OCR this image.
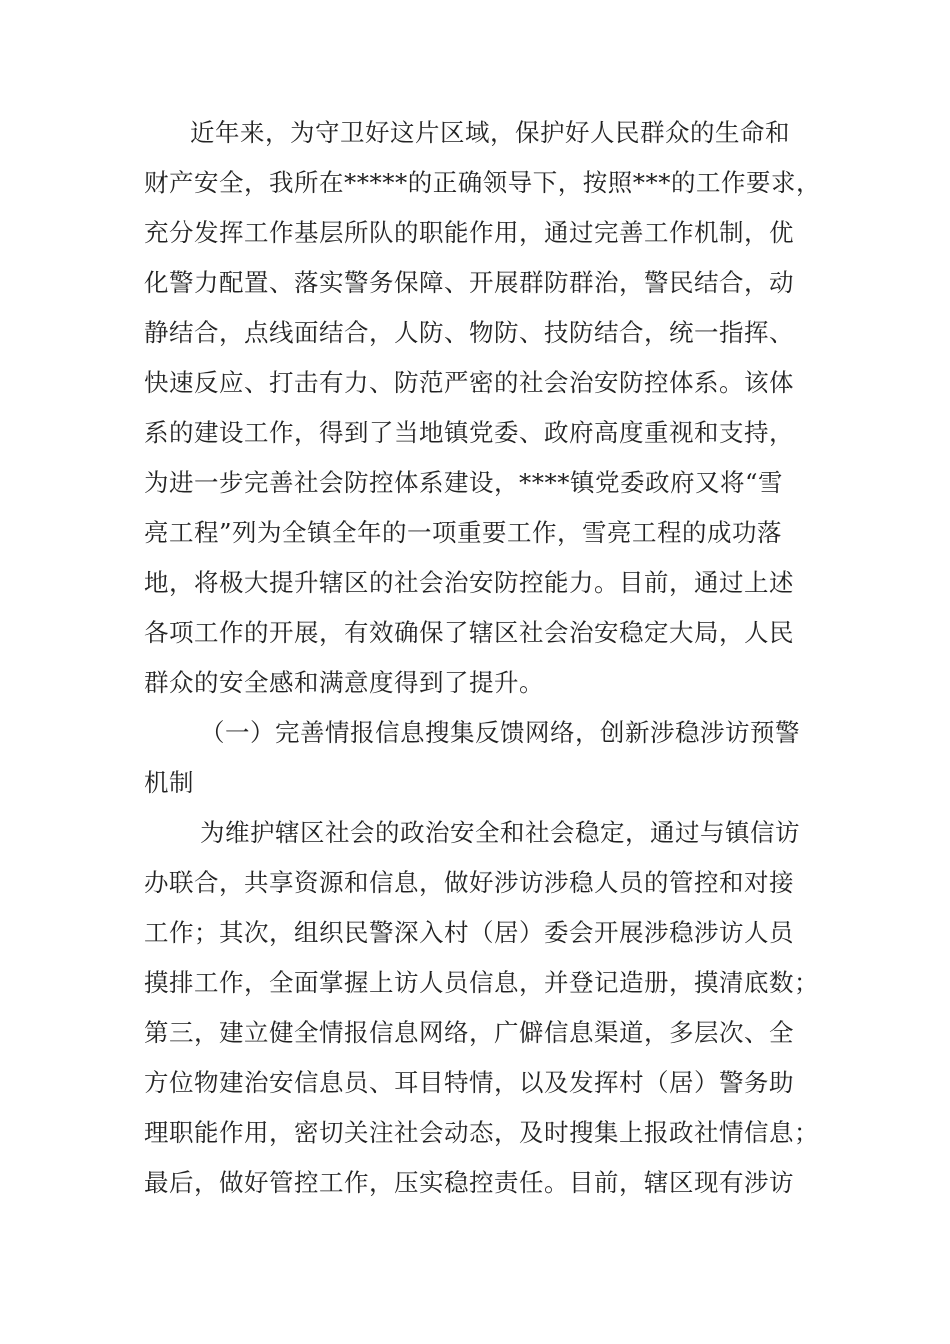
近年来，为守卫好这片区域，保护好人民群众的生命和
财产安全，我所在*****的正确领导下，按照***的工作要求，
充分发挥工作基层所队的职能作用，通过完善工作机制，优
化警力配置、落实警务保障、开展群防群治，警民结合，动
静结合，点线面结合，人防、物防、技防结合，统一指挥、
快速反应、打击有力、防范严密的社会治安防控体系。该体
系的建设工作，得到了当地镇党委、政府高度重视和支持，
为进一步完善社会防控体系建设，****镇党委政府又将“雪
亮工程”列为全镇全年的一项重要工作，雪亮工程的成功落
地，将极大提升辖区的社会治安防控能力。目前，通过上述
各项工作的开展，有效确保了辖区社会治安稳定大局，人民
群众的安全感和满意度得到了提升。
（一）完善情报信息搜集反馈网络，创新涉稳涉访预警
机制
为维护辖区社会的政治安全和社会稳定，通过与镇信访
办联合，共享资源和信息，做好涉访涉稳人员的管控和对接
工作；其次，组织民警深入村（居）委会开展涉稳涉访人员
摸排工作，全面掌握上访人员信息，并登记造册，摸清底数；
第三，建立健全情报信息网络，广僻信息渠道，多层次、全
方位物建治安信息员、耳目特情，以及发挥村（居）警务助
理职能作用，密切关注社会动态，及时搜集上报政社情信息；
最后，做好管控工作，压实稳控责任。目前，辖区现有涉访
